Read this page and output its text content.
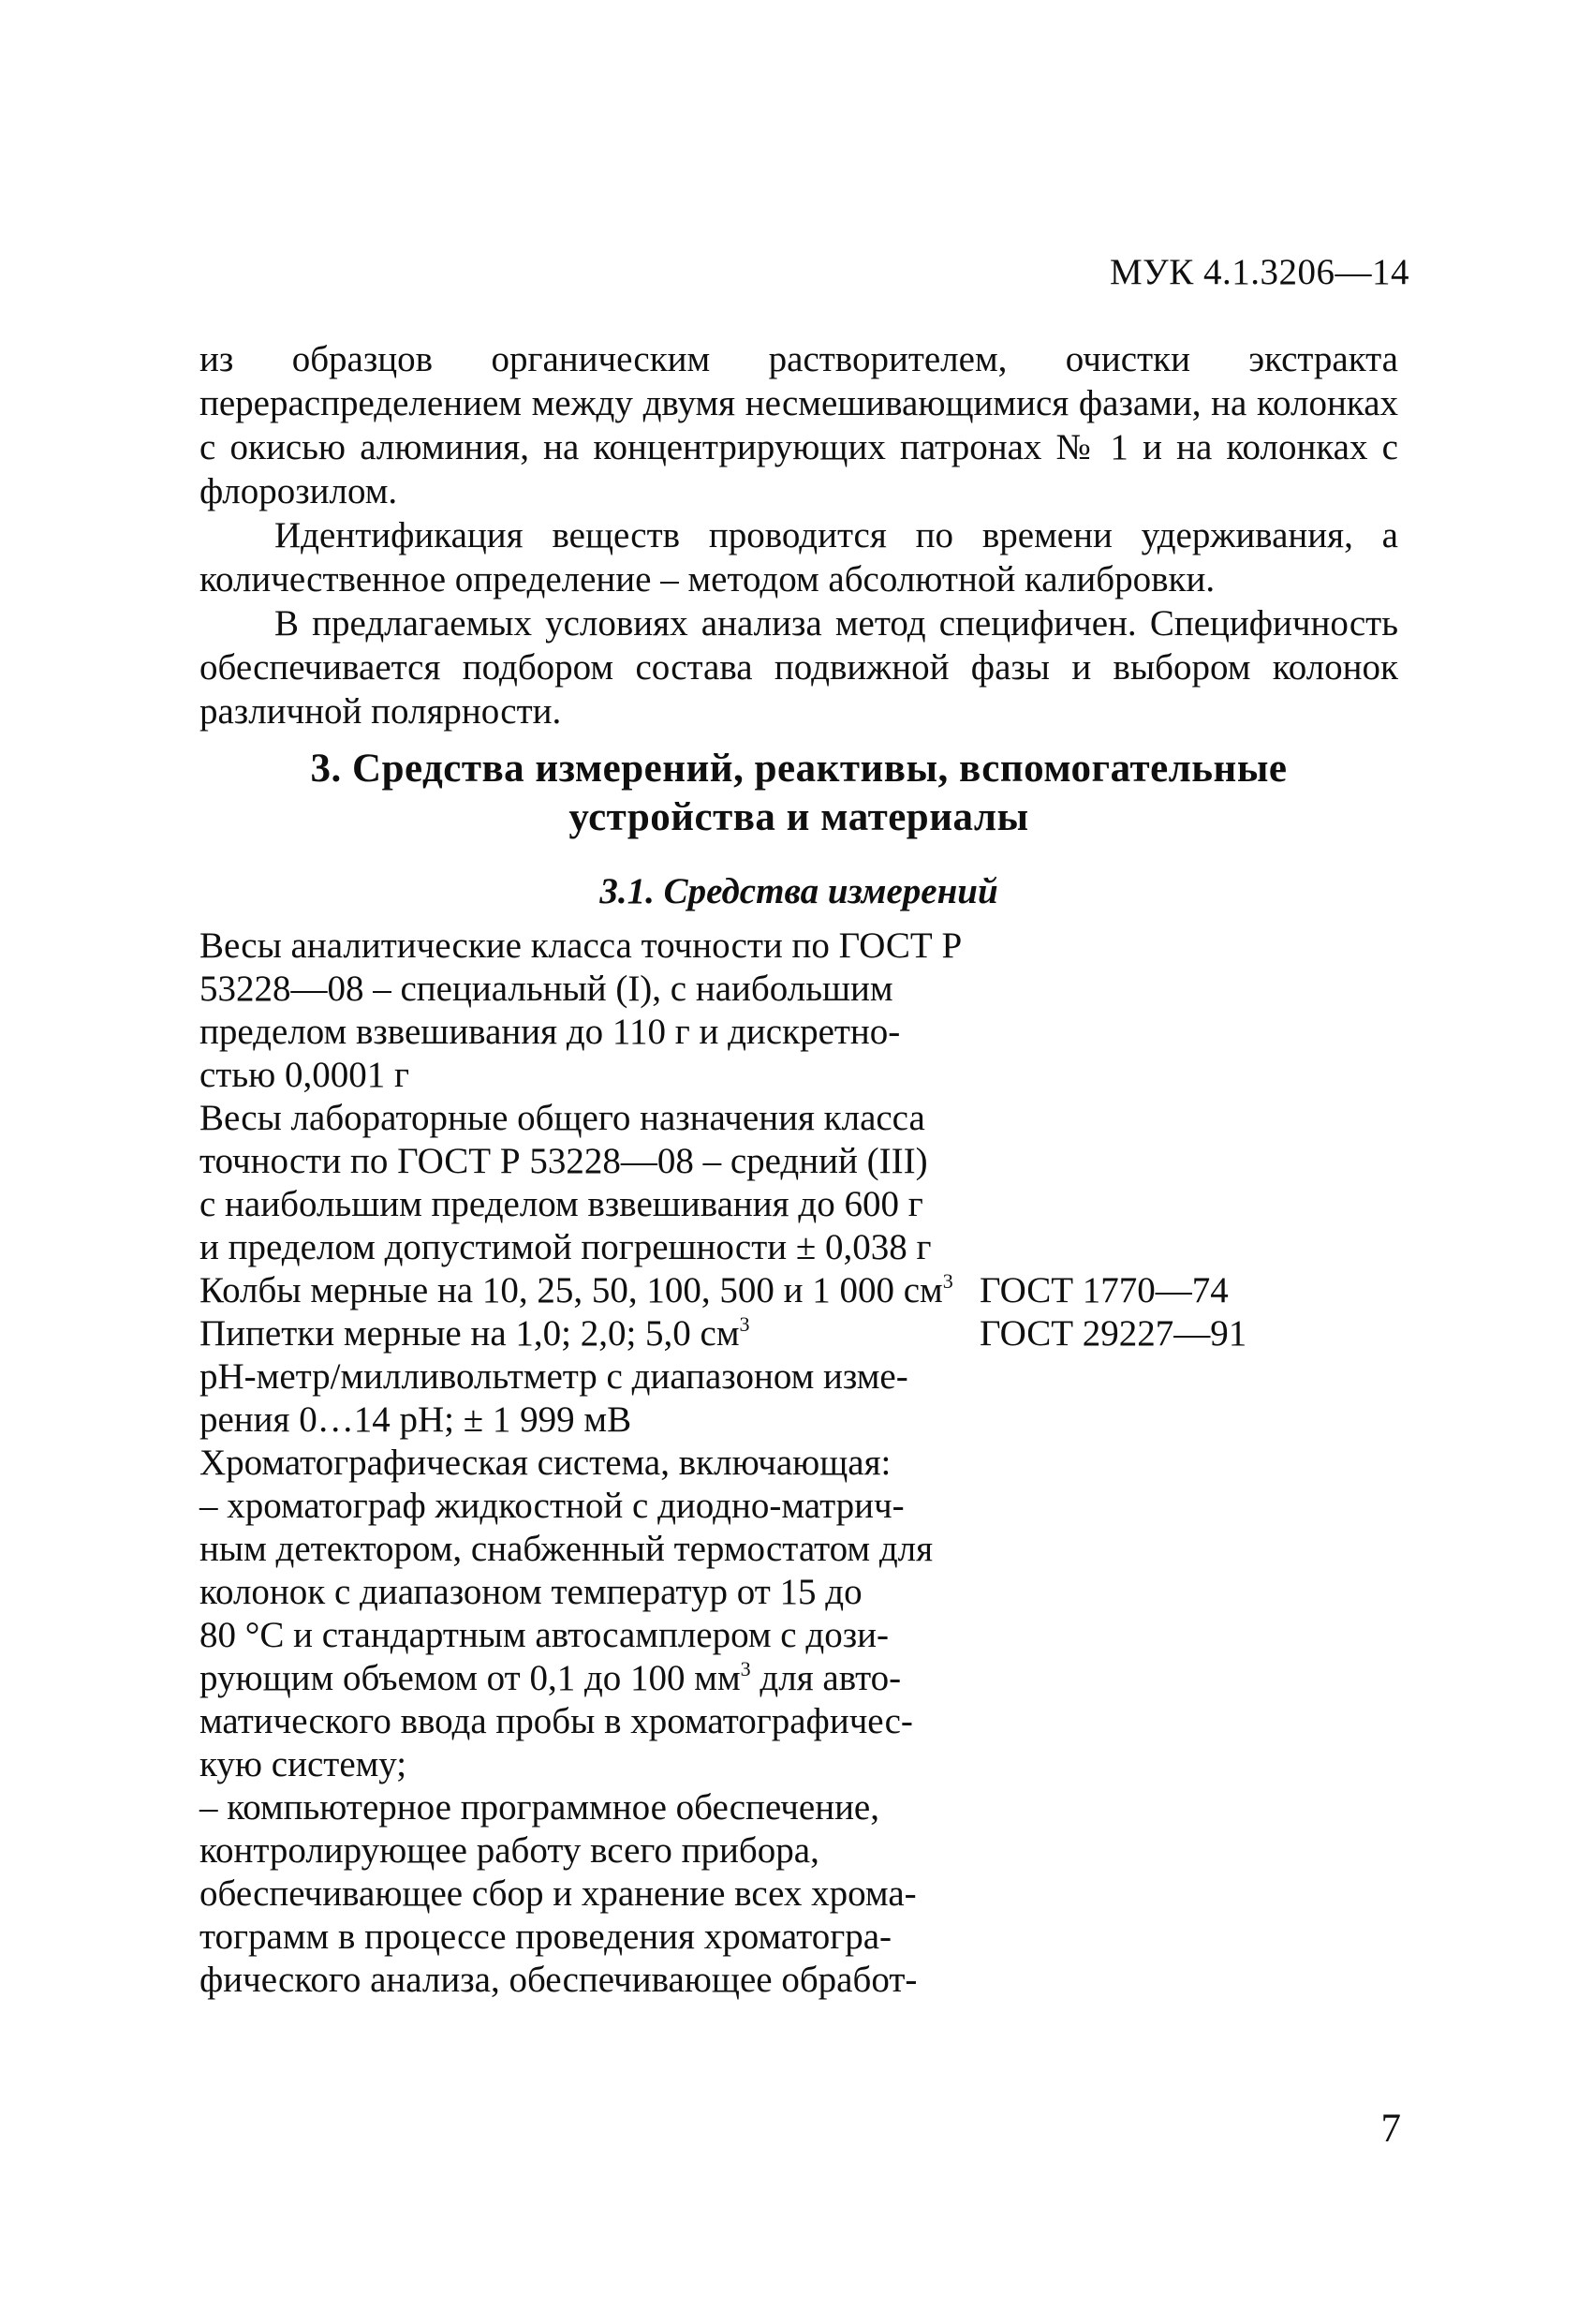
МУК 4.1.3206—14

из образцов органическим растворителем, очистки экстракта перераспределением между двумя несмешивающимися фазами, на колонках с окисью алюминия, на концентрирующих патронах № 1 и на колонках с флорозилом.

Идентификация веществ проводится по времени удерживания, а количественное определение – методом абсолютной калибровки.

В предлагаемых условиях анализа метод специфичен. Специфичность обеспечивается подбором состава подвижной фазы и выбором колонок различной полярности.

3. Средства измерений, реактивы, вспомогательные
устройства и материалы
3.1. Средства измерений
Весы аналитические класса точности по ГОСТ Р
53228—08 – специальный (I), с наибольшим
пределом взвешивания до 110 г и дискретно-
стью 0,0001 г
Весы лабораторные общего назначения класса
точности по ГОСТ Р 53228—08 – средний (III)
с наибольшим пределом взвешивания до 600 г
и пределом допустимой погрешности ± 0,038 г
Колбы мерные на 10, 25, 50, 100, 500 и 1 000 $см^3$ ГОСТ 1770—74
Пипетки мерные на 1,0; 2,0; 5,0 $см^3$	ГОСТ 29227—91
рН-метр/милливольтметр с диапазоном изме-
рения 0…14 рН; ± 1 999 мВ
Хроматографическая система, включающая:
– хроматограф жидкостной с диодно-матрич-
ным детектором, снабженный термостатом для
колонок с диапазоном температур от 15 до
80 °С и стандартным автосамплером с дози-
рующим объемом от 0,1 до 100 $мм^3$ для авто-
матического ввода пробы в хроматографичес-
кую систему;
– компьютерное программное обеспечение,
контролирующее работу всего прибора,
обеспечивающее сбор и хранение всех хрома-
тограмм в процессе проведения хроматогра-
фического анализа, обеспечивающее обработ-
7
